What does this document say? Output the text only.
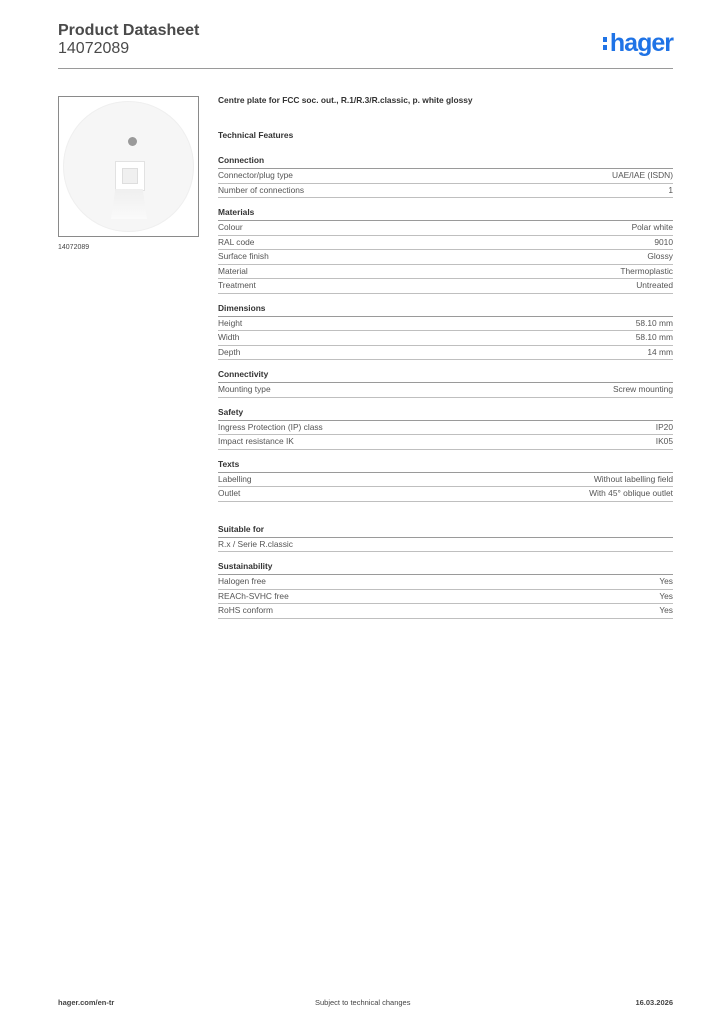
Product Datasheet
14072089	hager
14072089
Centre plate for FCC soc. out., R.1/R.3/R.classic, p. white glossy
Technical Features
Connection
Connector/plug type	UAE/IAE (ISDN)
Number of connections	1
Materials
Colour	Polar white
RAL code	9010
Surface finish	Glossy
Material	Thermoplastic
Treatment	Untreated
Dimensions
Height	58.10 mm
Width	58.10 mm
Depth	14 mm
Connectivity
Mounting type	Screw mounting
Safety
Ingress Protection (IP) class	IP20
Impact resistance IK	IK05
Texts
Labelling	Without labelling field
Outlet	With 45° oblique outlet
Suitable for
R.x / Serie R.classic
Sustainability
Halogen free	Yes
REACh-SVHC free	Yes
RoHS conform	Yes
hager.com/en-tr	Subject to technical changes	16.03.2026
